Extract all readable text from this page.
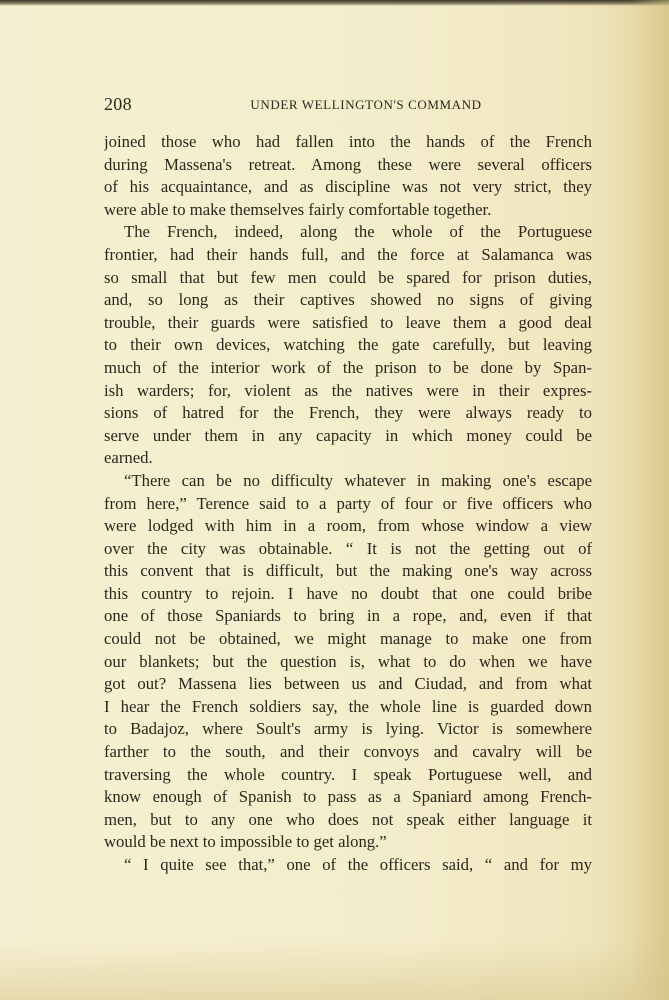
208	UNDER WELLINGTON'S COMMAND
joined those who had fallen into the hands of the French
during Massena's retreat. Among these were several officers
of his acquaintance, and as discipline was not very strict, they
were able to make themselves fairly comfortable together.
The French, indeed, along the whole of the Portuguese
frontier, had their hands full, and the force at Salamanca was
so small that but few men could be spared for prison duties,
and, so long as their captives showed no signs of giving
trouble, their guards were satisfied to leave them a good deal
to their own devices, watching the gate carefully, but leaving
much of the interior work of the prison to be done by Span-
ish warders; for, violent as the natives were in their expres-
sions of hatred for the French, they were always ready to
serve under them in any capacity in which money could be
earned.
“There can be no difficulty whatever in making one's escape
from here,” Terence said to a party of four or five officers who
were lodged with him in a room, from whose window a view
over the city was obtainable. “ It is not the getting out of
this convent that is difficult, but the making one's way across
this country to rejoin. I have no doubt that one could bribe
one of those Spaniards to bring in a rope, and, even if that
could not be obtained, we might manage to make one from
our blankets; but the question is, what to do when we have
got out? Massena lies between us and Ciudad, and from what
I hear the French soldiers say, the whole line is guarded down
to Badajoz, where Soult's army is lying. Victor is somewhere
farther to the south, and their convoys and cavalry will be
traversing the whole country. I speak Portuguese well, and
know enough of Spanish to pass as a Spaniard among French-
men, but to any one who does not speak either language it
would be next to impossible to get along.”
“ I quite see that,” one of the officers said, “ and for my
